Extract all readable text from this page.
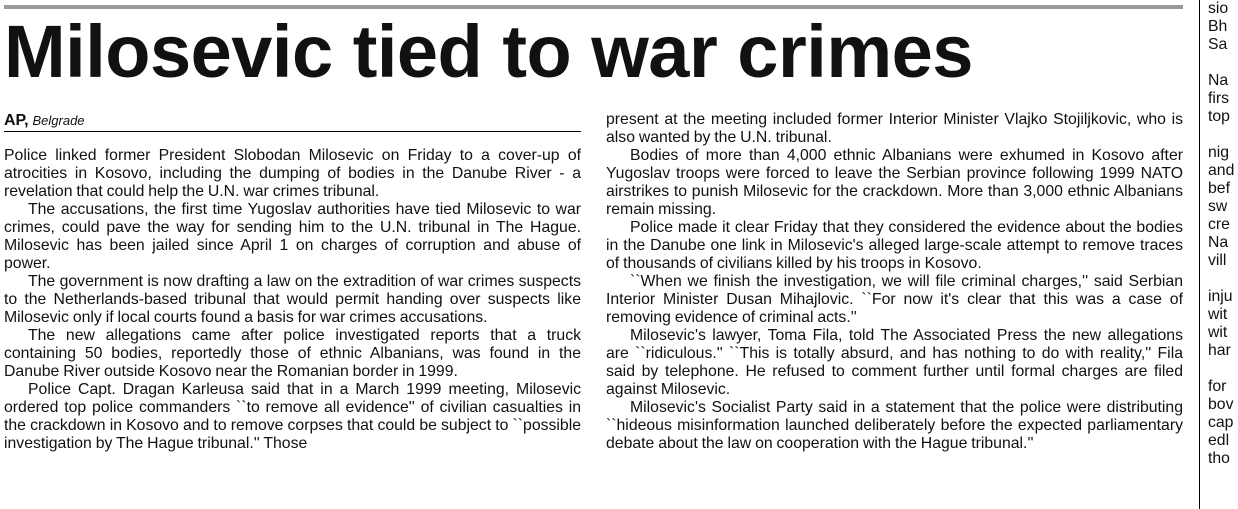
Milosevic tied to war crimes
AP, Belgrade

Police linked former President Slobodan Milosevic on Friday to a cover-up of atrocities in Kosovo, including the dumping of bodies in the Danube River - a revelation that could help the U.N. war crimes tribunal.

The accusations, the first time Yugoslav authorities have tied Milosevic to war crimes, could pave the way for sending him to the U.N. tribunal in The Hague. Milosevic has been jailed since April 1 on charges of corruption and abuse of power.

The government is now drafting a law on the extradition of war crimes suspects to the Netherlands-based tribunal that would permit handing over suspects like Milosevic only if local courts found a basis for war crimes accusations.

The new allegations came after police investigated reports that a truck containing 50 bodies, reportedly those of ethnic Albanians, was found in the Danube River outside Kosovo near the Romanian border in 1999.

Police Capt. Dragan Karleusa said that in a March 1999 meeting, Milosevic ordered top police commanders ``to remove all evidence'' of civilian casualties in the crackdown in Kosovo and to remove corpses that could be subject to ``possible investigation by The Hague tribunal.'' Those

present at the meeting included former Interior Minister Vlajko Stojiljkovic, who is also wanted by the U.N. tribunal.

Bodies of more than 4,000 ethnic Albanians were exhumed in Kosovo after Yugoslav troops were forced to leave the Serbian province following 1999 NATO airstrikes to punish Milosevic for the crackdown. More than 3,000 ethnic Albanians remain missing.

Police made it clear Friday that they considered the evidence about the bodies in the Danube one link in Milosevic's alleged large-scale attempt to remove traces of thousands of civilians killed by his troops in Kosovo.

``When we finish the investigation, we will file criminal charges,'' said Serbian Interior Minister Dusan Mihajlovic. ``For now it's clear that this was a case of removing evidence of criminal acts.''

Milosevic's lawyer, Toma Fila, told The Associated Press the new allegations are ``ridiculous.'' ``This is totally absurd, and has nothing to do with reality,'' Fila said by telephone. He refused to comment further until formal charges are filed against Milosevic.

Milosevic's Socialist Party said in a statement that the police were distributing ``hideous misinformation launched deliberately before the expected parliamentary debate about the law on cooperation with the Hague tribunal.''

sio
Bh
Sa
Na
firs
top
nig
and
bef
sw
cre
Na
vill
inju
wit
wit
har
for
bov
cap
edl
tho
